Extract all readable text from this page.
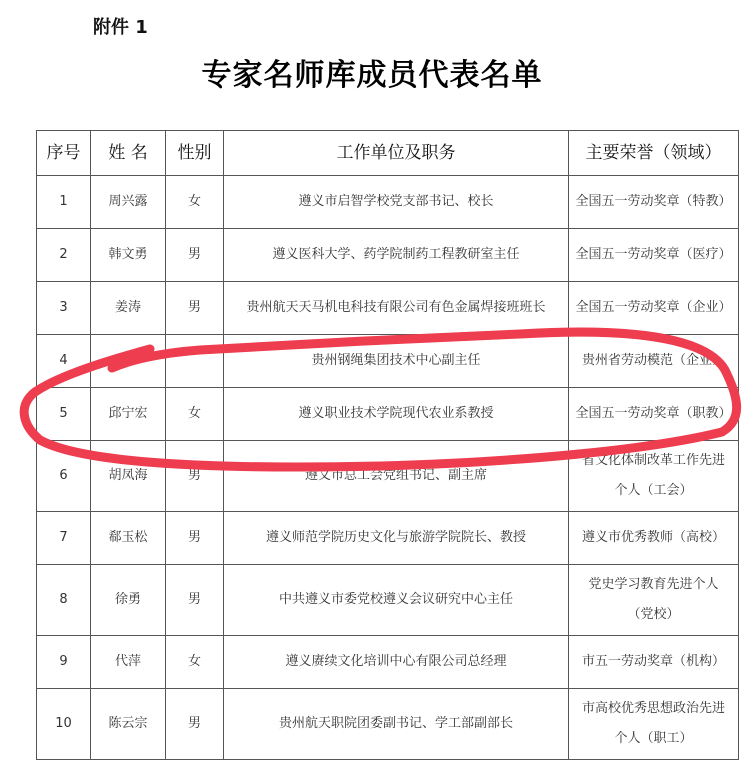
附件 1
专家名师库成员代表名单
序号	姓 名	性别	工作单位及职务	主要荣誉（领域）
1	周兴露	女	遵义市启智学校党支部书记、校长	全国五一劳动奖章（特教）

2	韩文勇	男	遵义医科大学、药学院制药工程教研室主任	全国五一劳动奖章（医疗）

3	姜涛	男	贵州航天天马机电科技有限公司有色金属焊接班班长	全国五一劳动奖章（企业）

4			贵州钢绳集团技术中心副主任	贵州省劳动模范（企业）

5	邱宁宏	女	遵义职业技术学院现代农业系教授	全国五一劳动奖章（职教）

6	胡凤海	男	遵义市总工会党组书记、副主席	省文化体制改革工作先进
个人（工会）

7	郗玉松	男	遵义师范学院历史文化与旅游学院院长、教授	遵义市优秀教师（高校）

8	徐勇	男	中共遵义市委党校遵义会议研究中心主任	党史学习教育先进个人
（党校）

9	代萍	女	遵义赓续文化培训中心有限公司总经理	市五一劳动奖章（机构）

10	陈云宗	男	贵州航天职院团委副书记、学工部副部长	市高校优秀思想政治先进
个人（职工）
